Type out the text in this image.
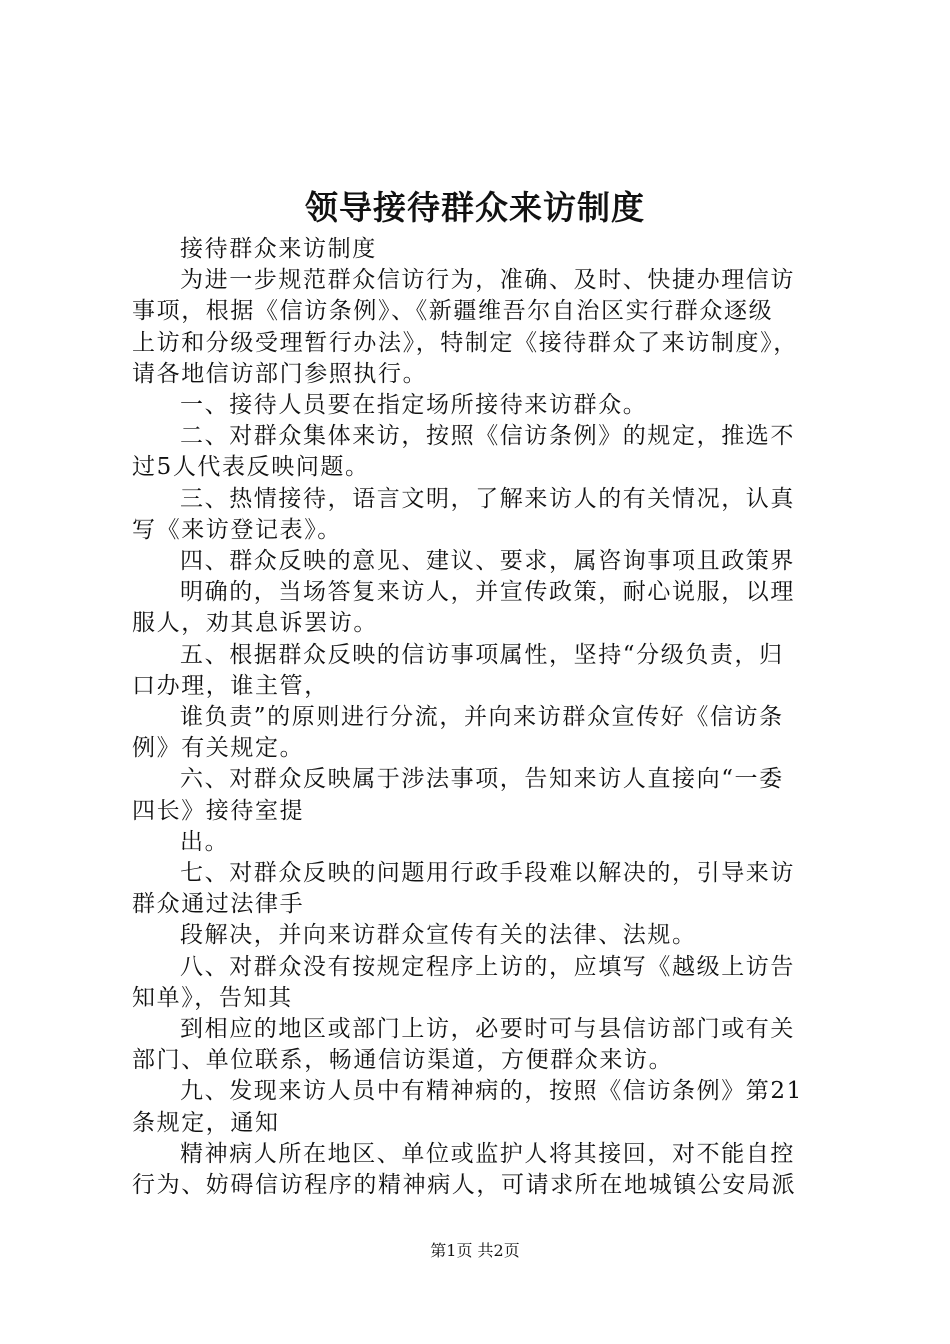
领导接待群众来访制度

接待群众来访制度

为进一步规范群众信访行为，准确、及时、快捷办理信访

事项，根据《信访条例》、《新疆维吾尔自治区实行群众逐级

上访和分级受理暂行办法》，特制定《接待群众了来访制度》，

请各地信访部门参照执行。

一、接待人员要在指定场所接待来访群众。

二、对群众集体来访，按照《信访条例》的规定，推选不

过5人代表反映问题。

三、热情接待，语言文明，了解来访人的有关情况，认真

写《来访登记表》。

四、群众反映的意见、建议、要求，属咨询事项且政策界

明确的，当场答复来访人，并宣传政策，耐心说服，以理

服人，劝其息诉罢访。

五、根据群众反映的信访事项属性，坚持“分级负责，归

口办理，谁主管，

谁负责”的原则进行分流，并向来访群众宣传好《信访条

例》有关规定。

六、对群众反映属于涉法事项，告知来访人直接向“一委

四长》接待室提

出。

七、对群众反映的问题用行政手段难以解决的，引导来访

群众通过法律手

段解决，并向来访群众宣传有关的法律、法规。

八、对群众没有按规定程序上访的，应填写《越级上访告

知单》，告知其

到相应的地区或部门上访，必要时可与县信访部门或有关

部门、单位联系，畅通信访渠道，方便群众来访。

九、发现来访人员中有精神病的，按照《信访条例》第21

条规定，通知

精神病人所在地区、单位或监护人将其接回，对不能自控

行为、妨碍信访程序的精神病人，可请求所在地城镇公安局派

第1页 共2页
